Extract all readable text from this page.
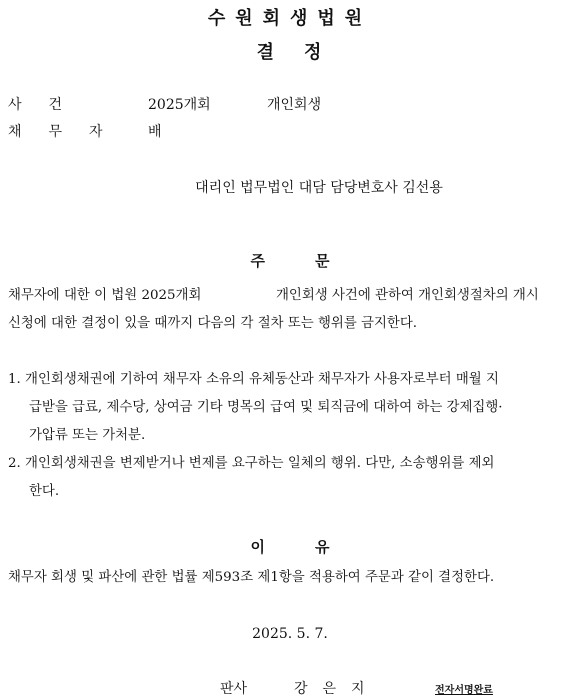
수원회생법원
결정
사건	2025개회	개인회생
채무자 배
대리인 법무법인 대담 담당변호사 김선용
주문
채무자에 대한 이 법원 2025개회	개인회생 사건에 관하여 개인회생절차의 개시
신청에 대한 결정이 있을 때까지 다음의 각 절차 또는 행위를 금지한다.
1. 개인회생채권에 기하여 채무자 소유의 유체동산과 채무자가 사용자로부터 매월 지
급받을 급료, 제수당, 상여금 기타 명목의 급여 및 퇴직금에 대하여 하는 강제집행·
가압류 또는 가처분.
2. 개인회생채권을 변제받거나 변제를 요구하는 일체의 행위. 다만, 소송행위를 제외
한다.
이유
채무자 회생 및 파산에 관한 법률 제593조 제1항을 적용하여 주문과 같이 결정한다.
2025. 5. 7.
판사	강은지	전자서명완료
